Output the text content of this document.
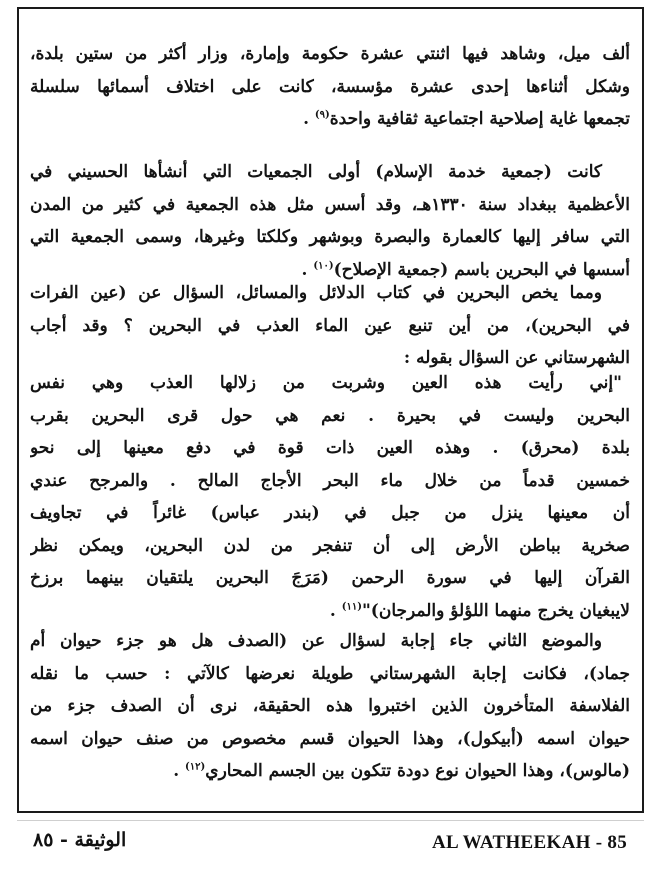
ألف ميل، وشاهد فيها اثنتي عشرة حكومة وإمارة، وزار أكثر من ستين بلدة،
وشكل أثناءها إحدى عشرة مؤسسة، كانت على اختلاف أسمائها سلسلة
تجمعها غاية إصلاحية اجتماعية ثقافية واحدة$^{(٩)}$ .

كانت (جمعية خدمة الإسلام) أولى الجمعيات التي أنشأها الحسيني في
الأعظمية ببغداد سنة ١٣٣٠هـ، وقد أسس مثل هذه الجمعية في كثير من المدن
التي سافر إليها كالعمارة والبصرة وبوشهر وكلكتا وغيرها، وسمى الجمعية التي
أسسها في البحرين باسم (جمعية الإصلاح)$^{(١٠)}$ .

ومما يخص البحرين في كتاب الدلائل والمسائل، السؤال عن (عين الفرات
في البحرين)، من أين تنبع عين الماء العذب في البحرين ؟ وقد أجاب
الشهرستاني عن السؤال بقوله :

"إني رأيت هذه العين وشربت من زلالها العذب وهي نفس
البحرين وليست في بحيرة . نعم هي حول قرى البحرين بقرب
بلدة (محرق) . وهذه العين ذات قوة في دفع معينها إلى نحو
خمسين قدماً من خلال ماء البحر الأجاج المالح . والمرجح عندي
أن معينها ينزل من جبل في (بندر عباس) غائراً في تجاويف
صخرية بباطن الأرض إلى أن تنفجر من لدن البحرين، ويمكن نظر
القرآن إليها في سورة الرحمن (مَرَجَ البحرين يلتقيان بينهما برزخ
لايبغيان يخرج منهما اللؤلؤ والمرجان)"$^{(١١)}$ .

والموضع الثاني جاء إجابة لسؤال عن (الصدف هل هو جزء حيوان أم
جماد)، فكانت إجابة الشهرستاني طويلة نعرضها كالآتي : حسب ما نقله
الفلاسفة المتأخرون الذين اختبروا هذه الحقيقة، نرى أن الصدف جزء من
حيوان اسمه (أبيكول)، وهذا الحيوان قسم مخصوص من صنف حيوان اسمه
(مالوس)، وهذا الحيوان نوع دودة تتكون بين الجسم المحاري$^{(١٢)}$ .

الوثيقة - ٨٥	AL WATHEEKAH - 85
